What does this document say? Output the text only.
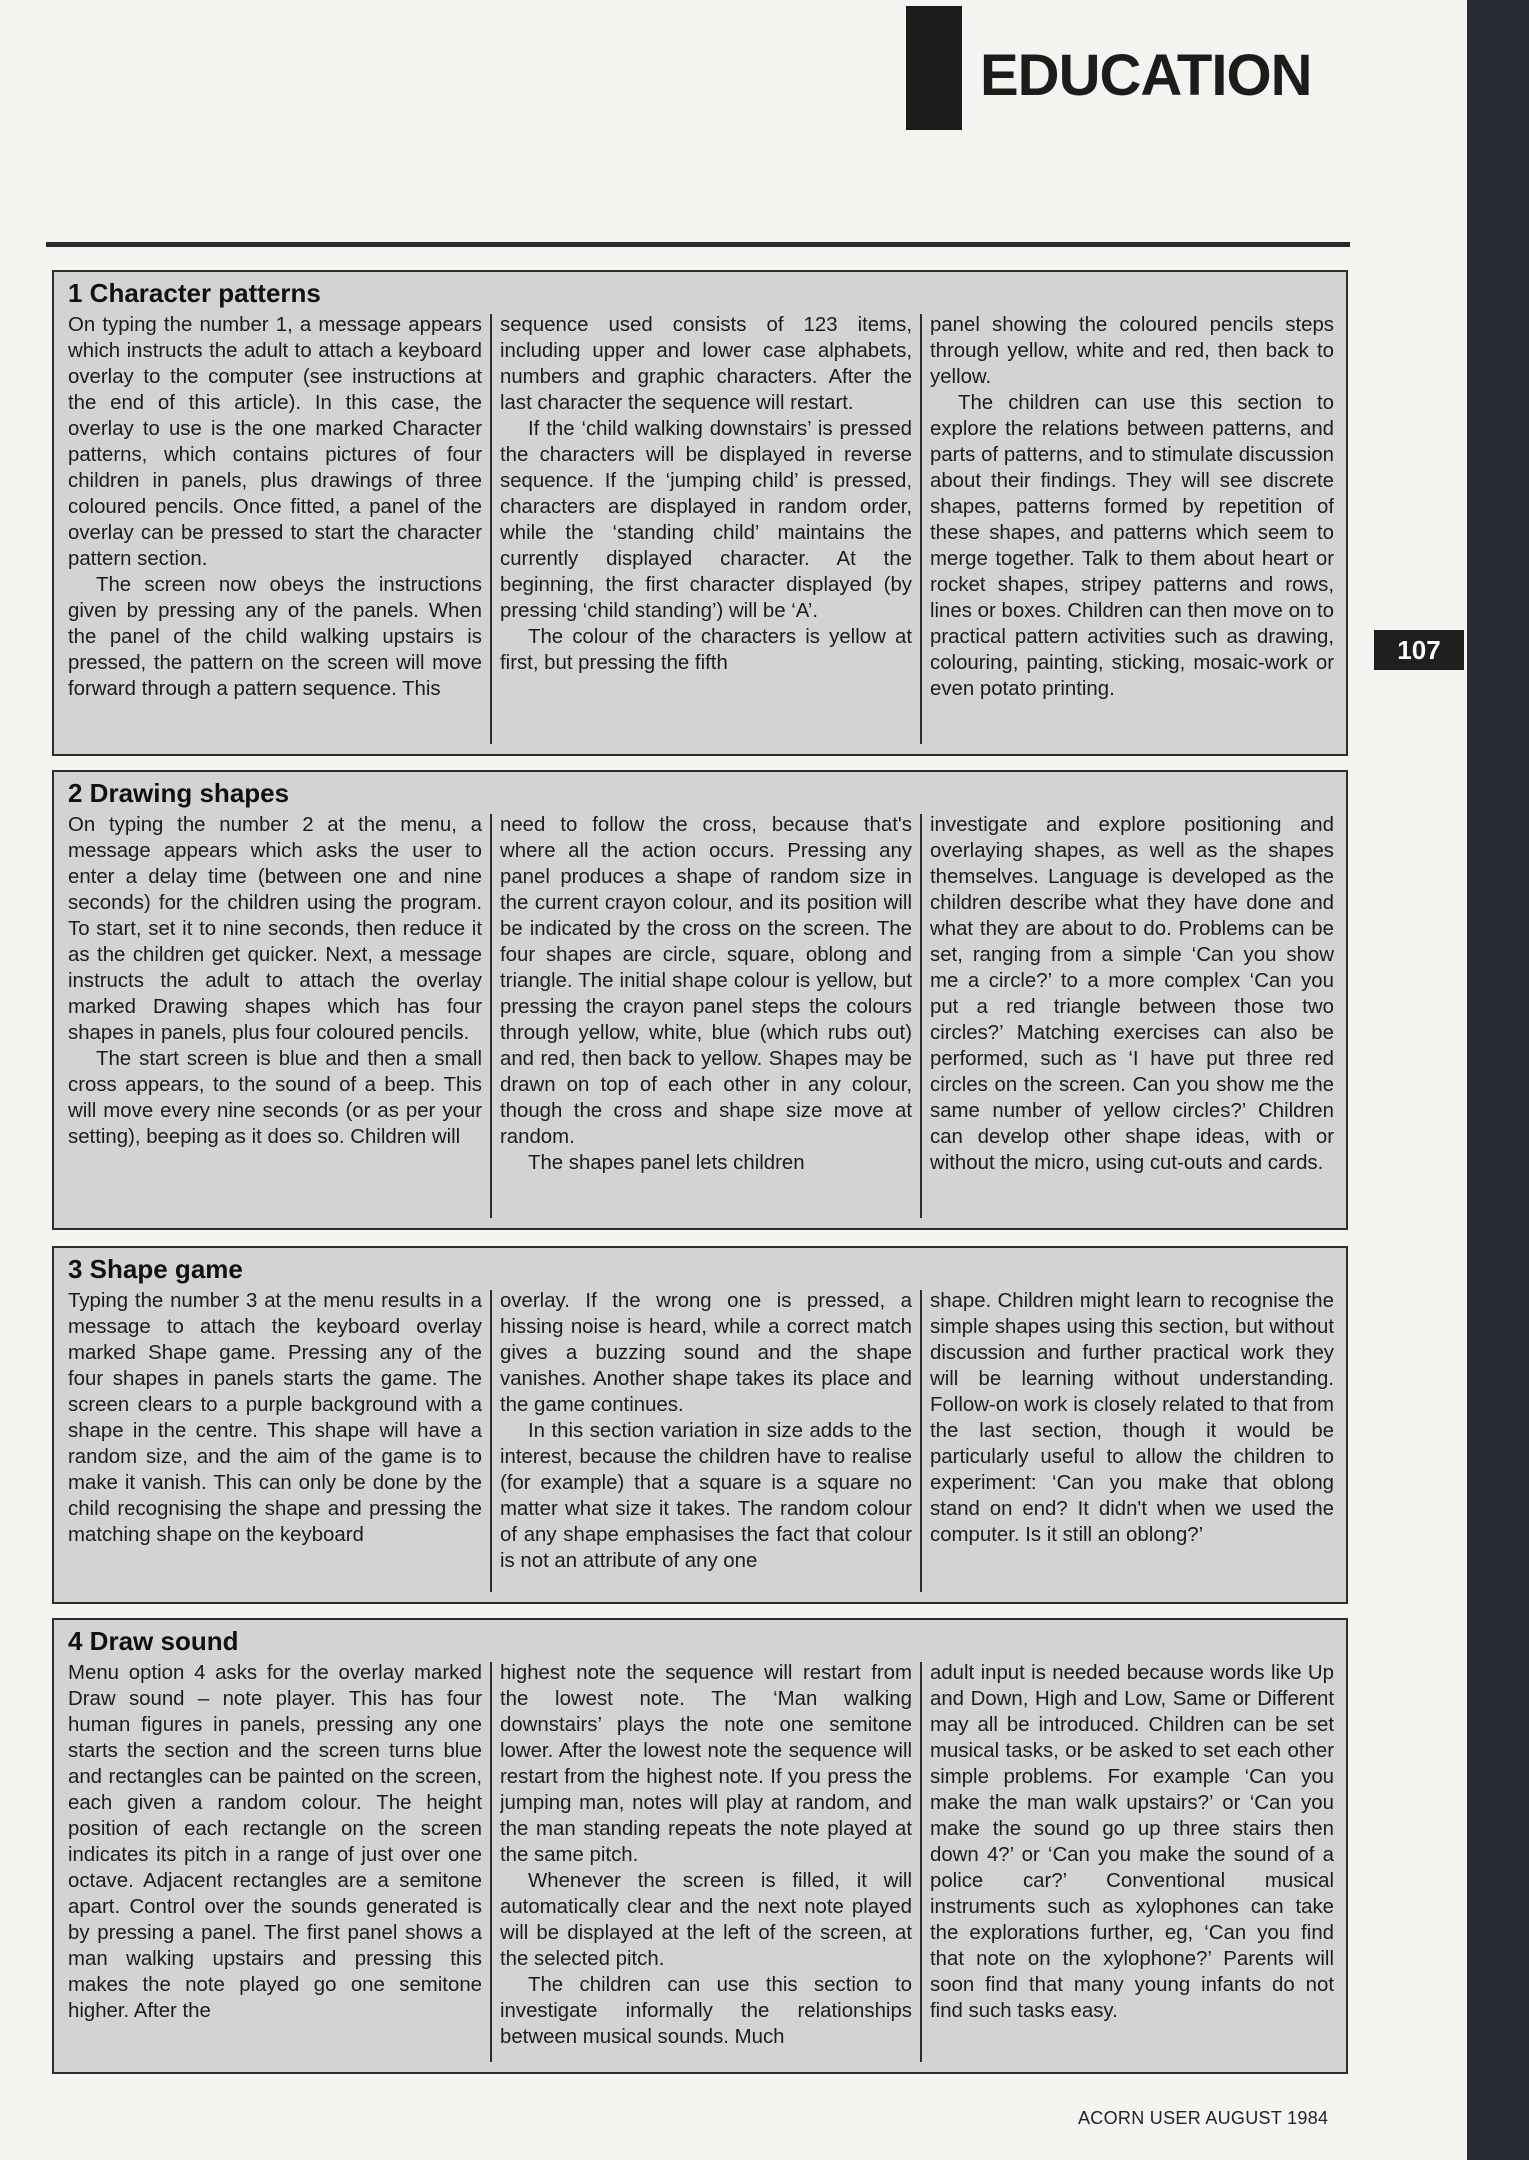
EDUCATION
107
1 Character patterns

On typing the number 1, a message appears which instructs the adult to attach a keyboard overlay to the computer (see instructions at the end of this article). In this case, the overlay to use is the one marked Character patterns, which contains pictures of four children in panels, plus drawings of three coloured pencils. Once fitted, a panel of the overlay can be pressed to start the character pattern section.

The screen now obeys the instructions given by pressing any of the panels. When the panel of the child walking upstairs is pressed, the pattern on the screen will move forward through a pattern sequence. This

sequence used consists of 123 items, including upper and lower case alphabets, numbers and graphic characters. After the last character the sequence will restart.

If the ‘child walking downstairs’ is pressed the characters will be displayed in reverse sequence. If the ‘jumping child’ is pressed, characters are displayed in random order, while the ‘standing child’ maintains the currently displayed character. At the beginning, the first character displayed (by pressing ‘child standing’) will be ‘A’.

The colour of the characters is yellow at first, but pressing the fifth

panel showing the coloured pencils steps through yellow, white and red, then back to yellow.

The children can use this section to explore the relations between patterns, and parts of patterns, and to stimulate discussion about their findings. They will see discrete shapes, patterns formed by repetition of these shapes, and patterns which seem to merge together. Talk to them about heart or rocket shapes, stripey patterns and rows, lines or boxes. Children can then move on to practical pattern activities such as drawing, colouring, painting, sticking, mosaic-work or even potato printing.

2 Drawing shapes

On typing the number 2 at the menu, a message appears which asks the user to enter a delay time (between one and nine seconds) for the children using the program. To start, set it to nine seconds, then reduce it as the children get quicker. Next, a message instructs the adult to attach the overlay marked Drawing shapes which has four shapes in panels, plus four coloured pencils.

The start screen is blue and then a small cross appears, to the sound of a beep. This will move every nine seconds (or as per your setting), beeping as it does so. Children will

need to follow the cross, because that's where all the action occurs. Pressing any panel produces a shape of random size in the current crayon colour, and its position will be indicated by the cross on the screen. The four shapes are circle, square, oblong and triangle. The initial shape colour is yellow, but pressing the crayon panel steps the colours through yellow, white, blue (which rubs out) and red, then back to yellow. Shapes may be drawn on top of each other in any colour, though the cross and shape size move at random.

The shapes panel lets children

investigate and explore positioning and overlaying shapes, as well as the shapes themselves. Language is developed as the children describe what they have done and what they are about to do. Problems can be set, ranging from a simple ‘Can you show me a circle?’ to a more complex ‘Can you put a red triangle between those two circles?’ Matching exercises can also be performed, such as ‘I have put three red circles on the screen. Can you show me the same number of yellow circles?’ Children can develop other shape ideas, with or without the micro, using cut-outs and cards.

3 Shape game

Typing the number 3 at the menu results in a message to attach the keyboard overlay marked Shape game. Pressing any of the four shapes in panels starts the game. The screen clears to a purple background with a shape in the centre. This shape will have a random size, and the aim of the game is to make it vanish. This can only be done by the child recognising the shape and pressing the matching shape on the keyboard

overlay. If the wrong one is pressed, a hissing noise is heard, while a correct match gives a buzzing sound and the shape vanishes. Another shape takes its place and the game continues.

In this section variation in size adds to the interest, because the children have to realise (for example) that a square is a square no matter what size it takes. The random colour of any shape emphasises the fact that colour is not an attribute of any one

shape. Children might learn to recognise the simple shapes using this section, but without discussion and further practical work they will be learning without understanding. Follow-on work is closely related to that from the last section, though it would be particularly useful to allow the children to experiment: ‘Can you make that oblong stand on end? It didn't when we used the computer. Is it still an oblong?’

4 Draw sound

Menu option 4 asks for the overlay marked Draw sound – note player. This has four human figures in panels, pressing any one starts the section and the screen turns blue and rectangles can be painted on the screen, each given a random colour. The height position of each rectangle on the screen indicates its pitch in a range of just over one octave. Adjacent rectangles are a semitone apart. Control over the sounds generated is by pressing a panel. The first panel shows a man walking upstairs and pressing this makes the note played go one semitone higher. After the

highest note the sequence will restart from the lowest note. The ‘Man walking downstairs’ plays the note one semitone lower. After the lowest note the sequence will restart from the highest note. If you press the jumping man, notes will play at random, and the man standing repeats the note played at the same pitch.

Whenever the screen is filled, it will automatically clear and the next note played will be displayed at the left of the screen, at the selected pitch.

The children can use this section to investigate informally the relationships between musical sounds. Much

adult input is needed because words like Up and Down, High and Low, Same or Different may all be introduced. Children can be set musical tasks, or be asked to set each other simple problems. For example ‘Can you make the man walk upstairs?’ or ‘Can you make the sound go up three stairs then down 4?’ or ‘Can you make the sound of a police car?’ Conventional musical instruments such as xylophones can take the explorations further, eg, ‘Can you find that note on the xylophone?’ Parents will soon find that many young infants do not find such tasks easy.

ACORN USER AUGUST 1984
